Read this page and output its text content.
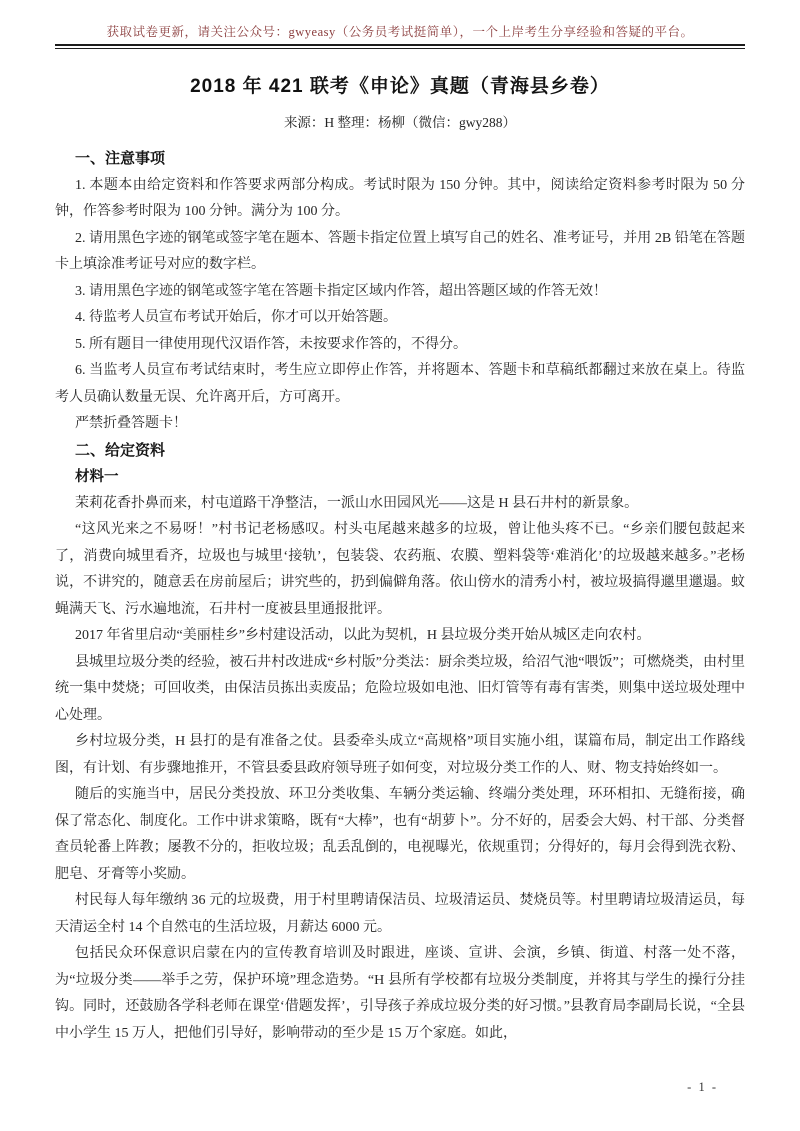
获取试卷更新，请关注公众号：gwyeasy（公务员考试挺简单），一个上岸考生分享经验和答疑的平台。
2018 年 421 联考《申论》真题（青海县乡卷）
来源：H 整理：杨柳（微信：gwy288）
一、注意事项

1. 本题本由给定资料和作答要求两部分构成。考试时限为 150 分钟。其中，阅读给定资料参考时限为 50 分钟，作答参考时限为 100 分钟。满分为 100 分。

2. 请用黑色字迹的钢笔或签字笔在题本、答题卡指定位置上填写自己的姓名、准考证号，并用 2B 铅笔在答题卡上填涂准考证号对应的数字栏。

3. 请用黑色字迹的钢笔或签字笔在答题卡指定区域内作答，超出答题区域的作答无效！

4. 待监考人员宣布考试开始后，你才可以开始答题。

5. 所有题目一律使用现代汉语作答，未按要求作答的，不得分。

6. 当监考人员宣布考试结束时，考生应立即停止作答，并将题本、答题卡和草稿纸都翻过来放在桌上。待监考人员确认数量无误、允许离开后，方可离开。

严禁折叠答题卡！

二、给定资料
材料一

茉莉花香扑鼻而来，村屯道路干净整洁，一派山水田园风光——这是 H 县石井村的新景象。

“这风光来之不易呀！”村书记老杨感叹。村头屯尾越来越多的垃圾，曾让他头疼不已。“乡亲们腰包鼓起来了，消费向城里看齐，垃圾也与城里‘接轨’，包装袋、农药瓶、农膜、塑料袋等‘难消化’的垃圾越来越多。”老杨说，不讲究的，随意丢在房前屋后；讲究些的，扔到偏僻角落。依山傍水的清秀小村，被垃圾搞得邋里邋遢。蚊蝇满天飞、污水遍地流，石井村一度被县里通报批评。

2017 年省里启动“美丽桂乡”乡村建设活动，以此为契机，H 县垃圾分类开始从城区走向农村。

县城里垃圾分类的经验，被石井村改进成“乡村版”分类法：厨余类垃圾，给沼气池“喂饭”；可燃烧类，由村里统一集中焚烧；可回收类，由保洁员拣出卖废品；危险垃圾如电池、旧灯管等有毒有害类，则集中送垃圾处理中心处理。

乡村垃圾分类，H 县打的是有准备之仗。县委牵头成立“高规格”项目实施小组，谋篇布局，制定出工作路线图，有计划、有步骤地推开，不管县委县政府领导班子如何变，对垃圾分类工作的人、财、物支持始终如一。

随后的实施当中，居民分类投放、环卫分类收集、车辆分类运输、终端分类处理，环环相扣、无缝衔接，确保了常态化、制度化。工作中讲求策略，既有“大棒”，也有“胡萝卜”。分不好的，居委会大妈、村干部、分类督查员轮番上阵教；屡教不分的，拒收垃圾；乱丢乱倒的，电视曝光，依规重罚；分得好的，每月会得到洗衣粉、肥皂、牙膏等小奖励。

村民每人每年缴纳 36 元的垃圾费，用于村里聘请保洁员、垃圾清运员、焚烧员等。村里聘请垃圾清运员，每天清运全村 14 个自然屯的生活垃圾，月薪达 6000 元。

包括民众环保意识启蒙在内的宣传教育培训及时跟进，座谈、宣讲、会演，乡镇、街道、村落一处不落，为“垃圾分类——举手之劳，保护环境”理念造势。“H 县所有学校都有垃圾分类制度，并将其与学生的操行分挂钩。同时，还鼓励各学科老师在课堂‘借题发挥’，引导孩子养成垃圾分类的好习惯。”县教育局李副局长说，“全县中小学生 15 万人，把他们引导好，影响带动的至少是 15 万个家庭。如此，

- 1 -
